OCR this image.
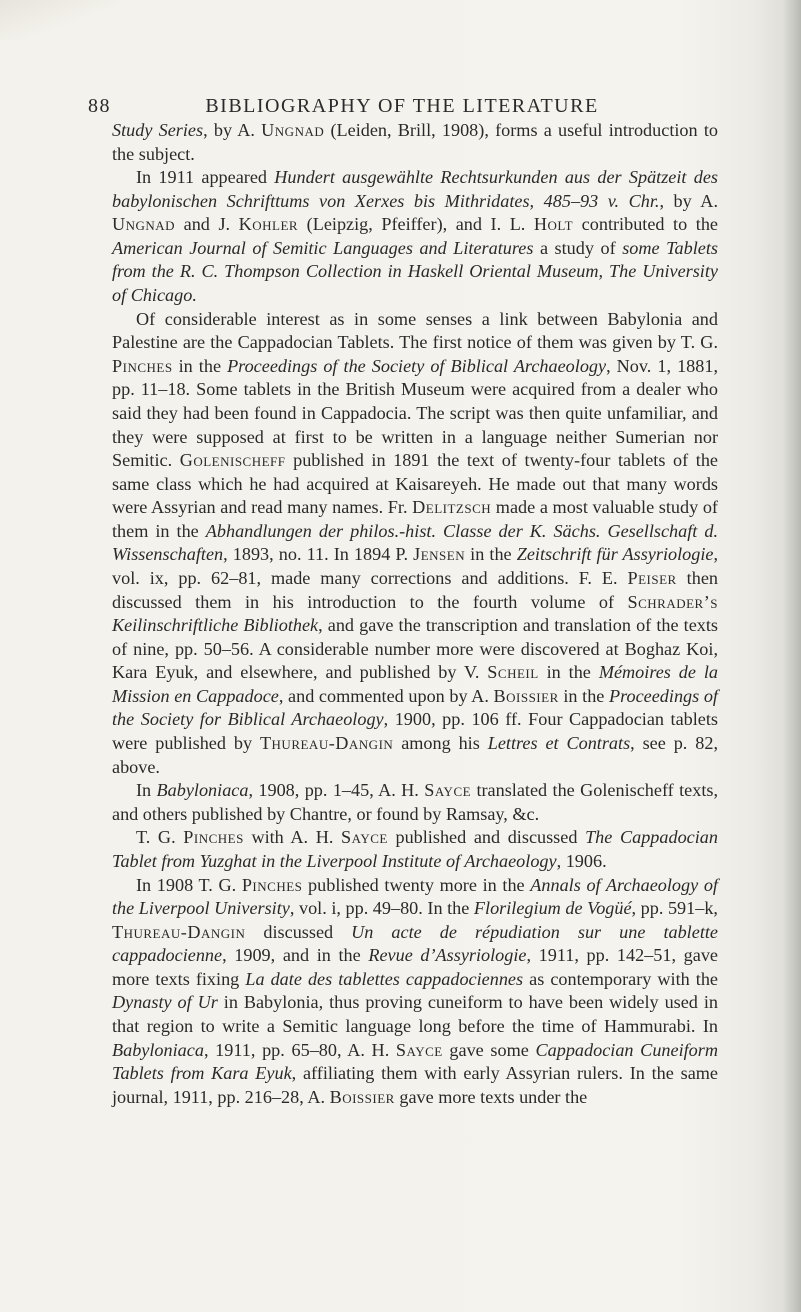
88	BIBLIOGRAPHY OF THE LITERATURE

Study Series, by A. Ungnad (Leiden, Brill, 1908), forms a useful introduction to the subject.

In 1911 appeared Hundert ausgewählte Rechtsurkunden aus der Spätzeit des babylonischen Schrifttums von Xerxes bis Mithridates, 485–93 v. Chr., by A. Ungnad and J. Kohler (Leipzig, Pfeiffer), and I. L. Holt contributed to the American Journal of Semitic Languages and Literatures a study of some Tablets from the R. C. Thompson Collection in Haskell Oriental Museum, The University of Chicago.

Of considerable interest as in some senses a link between Babylonia and Palestine are the Cappadocian Tablets. The first notice of them was given by T. G. Pinches in the Proceedings of the Society of Biblical Archaeology, Nov. 1, 1881, pp. 11–18. Some tablets in the British Museum were acquired from a dealer who said they had been found in Cappadocia. The script was then quite unfamiliar, and they were supposed at first to be written in a language neither Sumerian nor Semitic. Golenischeff published in 1891 the text of twenty-four tablets of the same class which he had acquired at Kaisareyeh. He made out that many words were Assyrian and read many names. Fr. Delitzsch made a most valuable study of them in the Abhandlungen der philos.-hist. Classe der K. Sächs. Gesellschaft d. Wissenschaften, 1893, no. 11. In 1894 P. Jensen in the Zeitschrift für Assyriologie, vol. ix, pp. 62–81, made many corrections and additions. F. E. Peiser then discussed them in his introduction to the fourth volume of Schrader’s Keilinschriftliche Bibliothek, and gave the transcription and translation of the texts of nine, pp. 50–56. A considerable number more were discovered at Boghaz Koi, Kara Eyuk, and elsewhere, and published by V. Scheil in the Mémoires de la Mission en Cappadoce, and commented upon by A. Boissier in the Proceedings of the Society for Biblical Archaeology, 1900, pp. 106 ff. Four Cappadocian tablets were published by Thureau-Dangin among his Lettres et Contrats, see p. 82, above.

In Babyloniaca, 1908, pp. 1–45, A. H. Sayce translated the Golenischeff texts, and others published by Chantre, or found by Ramsay, &c.

T. G. Pinches with A. H. Sayce published and discussed The Cappadocian Tablet from Yuzghat in the Liverpool Institute of Archaeology, 1906.

In 1908 T. G. Pinches published twenty more in the Annals of Archaeology of the Liverpool University, vol. i, pp. 49–80. In the Florilegium de Vogüé, pp. 591–k, Thureau-Dangin discussed Un acte de répudiation sur une tablette cappadocienne, 1909, and in the Revue d’Assyriologie, 1911, pp. 142–51, gave more texts fixing La date des tablettes cappadociennes as contemporary with the Dynasty of Ur in Babylonia, thus proving cuneiform to have been widely used in that region to write a Semitic language long before the time of Hammurabi. In Babyloniaca, 1911, pp. 65–80, A. H. Sayce gave some Cappadocian Cuneiform Tablets from Kara Eyuk, affiliating them with early Assyrian rulers. In the same journal, 1911, pp. 216–28, A. Boissier gave more texts under the
